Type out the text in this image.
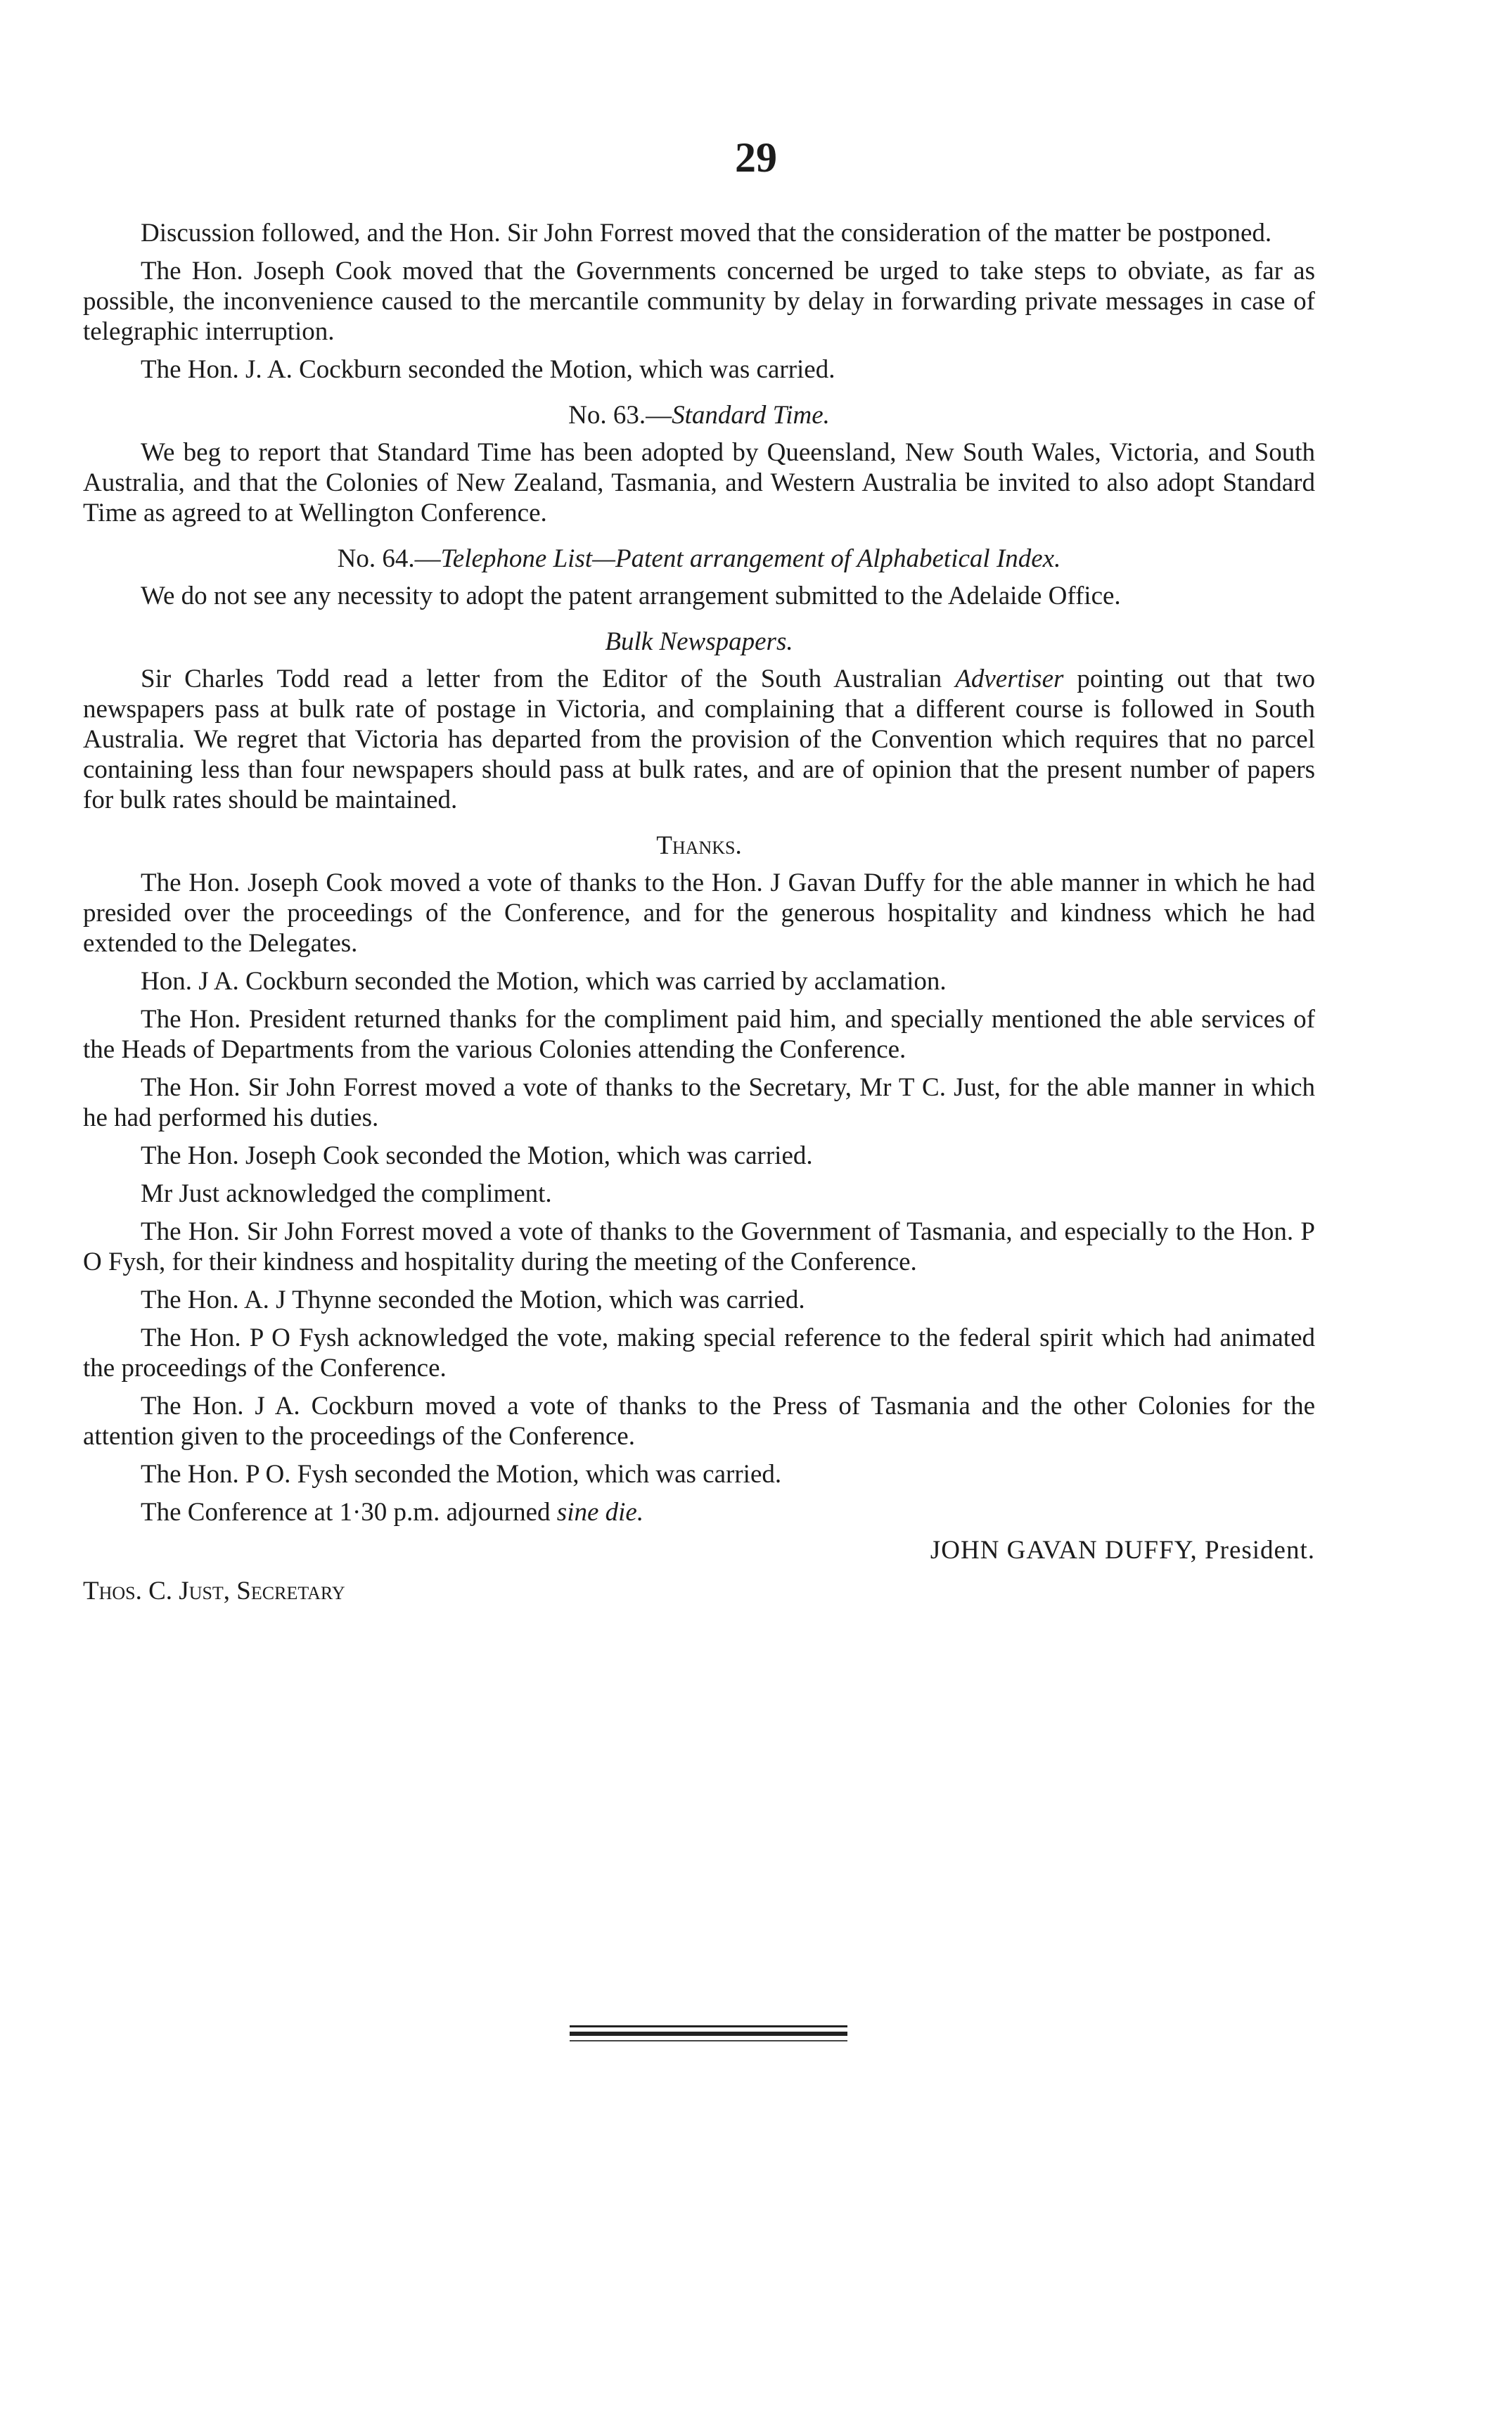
29

Discussion followed, and the Hon. Sir John Forrest moved that the consideration of the matter be postponed.

The Hon. Joseph Cook moved that the Governments concerned be urged to take steps to obviate, as far as possible, the inconvenience caused to the mercantile community by delay in forwarding private messages in case of telegraphic interruption.

The Hon. J. A. Cockburn seconded the Motion, which was carried.

No. 63.—Standard Time.

We beg to report that Standard Time has been adopted by Queensland, New South Wales, Victoria, and South Australia, and that the Colonies of New Zealand, Tasmania, and Western Australia be invited to also adopt Standard Time as agreed to at Wellington Conference.

No. 64.—Telephone List—Patent arrangement of Alphabetical Index.

We do not see any necessity to adopt the patent arrangement submitted to the Adelaide Office.

Bulk Newspapers.

Sir Charles Todd read a letter from the Editor of the South Australian Advertiser pointing out that two newspapers pass at bulk rate of postage in Victoria, and complaining that a different course is followed in South Australia. We regret that Victoria has departed from the provision of the Convention which requires that no parcel containing less than four newspapers should pass at bulk rates, and are of opinion that the present number of papers for bulk rates should be maintained.

Thanks.

The Hon. Joseph Cook moved a vote of thanks to the Hon. J Gavan Duffy for the able manner in which he had presided over the proceedings of the Conference, and for the generous hospitality and kindness which he had extended to the Delegates.

Hon. J A. Cockburn seconded the Motion, which was carried by acclamation.

The Hon. President returned thanks for the compliment paid him, and specially mentioned the able services of the Heads of Departments from the various Colonies attending the Conference.

The Hon. Sir John Forrest moved a vote of thanks to the Secretary, Mr T C. Just, for the able manner in which he had performed his duties.

The Hon. Joseph Cook seconded the Motion, which was carried.

Mr Just acknowledged the compliment.

The Hon. Sir John Forrest moved a vote of thanks to the Government of Tasmania, and especially to the Hon. P O Fysh, for their kindness and hospitality during the meeting of the Conference.

The Hon. A. J Thynne seconded the Motion, which was carried.

The Hon. P O Fysh acknowledged the vote, making special reference to the federal spirit which had animated the proceedings of the Conference.

The Hon. J A. Cockburn moved a vote of thanks to the Press of Tasmania and the other Colonies for the attention given to the proceedings of the Conference.

The Hon. P O. Fysh seconded the Motion, which was carried.

The Conference at 1·30 p.m. adjourned sine die.

JOHN GAVAN DUFFY, President.
Thos. C. Just, Secretary
